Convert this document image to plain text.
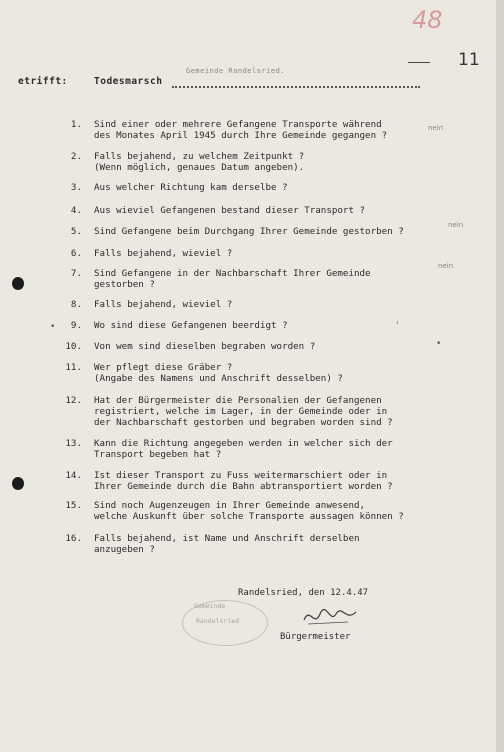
48
11
Gemeinde Randelsried.
etrifft:	Todesmarsch
1. Sind einer oder mehrere Gefangene Transporte während
des Monates April 1945 durch Ihre Gemeinde gegangen ?
nein
2. Falls bejahend, zu welchem Zeitpunkt ?
(Wenn möglich, genaues Datum angeben).
3. Aus welcher Richtung kam derselbe ?
4. Aus wieviel Gefangenen bestand dieser Transport ?
5. Sind Gefangene beim Durchgang Ihrer Gemeinde gestorben ?
nein
6. Falls bejahend, wieviel ?
7. Sind Gefangene in der Nachbarschaft Ihrer Gemeinde
gestorben ?
nein
8. Falls bejahend, wieviel ?
9. Wo sind diese Gefangenen beerdigt ?
10. Von wem sind dieselben begraben worden ?
11. Wer pflegt diese Gräber ?
(Angabe des Namens und Anschrift desselben) ?
12. Hat der Bürgermeister die Personalien der Gefangenen
registriert, welche im Lager, in der Gemeinde oder in
der Nachbarschaft gestorben und begraben worden sind ?
13. Kann die Richtung angegeben werden in welcher sich der
Transport begeben hat ?
14. Ist dieser Transport zu Fuss weitermarschiert oder in
Ihrer Gemeinde durch die Bahn abtransportiert worden ?
15. Sind noch Augenzeugen in Ihrer Gemeinde anwesend,
welche Auskunft über solche Transporte aussagen können ?
16. Falls bejahend, ist Name und Anschrift derselben
anzugeben ?
•	'
•
Randelsried, den 12.4.47
Gemeinde
Randelsried
Bürgermeister
